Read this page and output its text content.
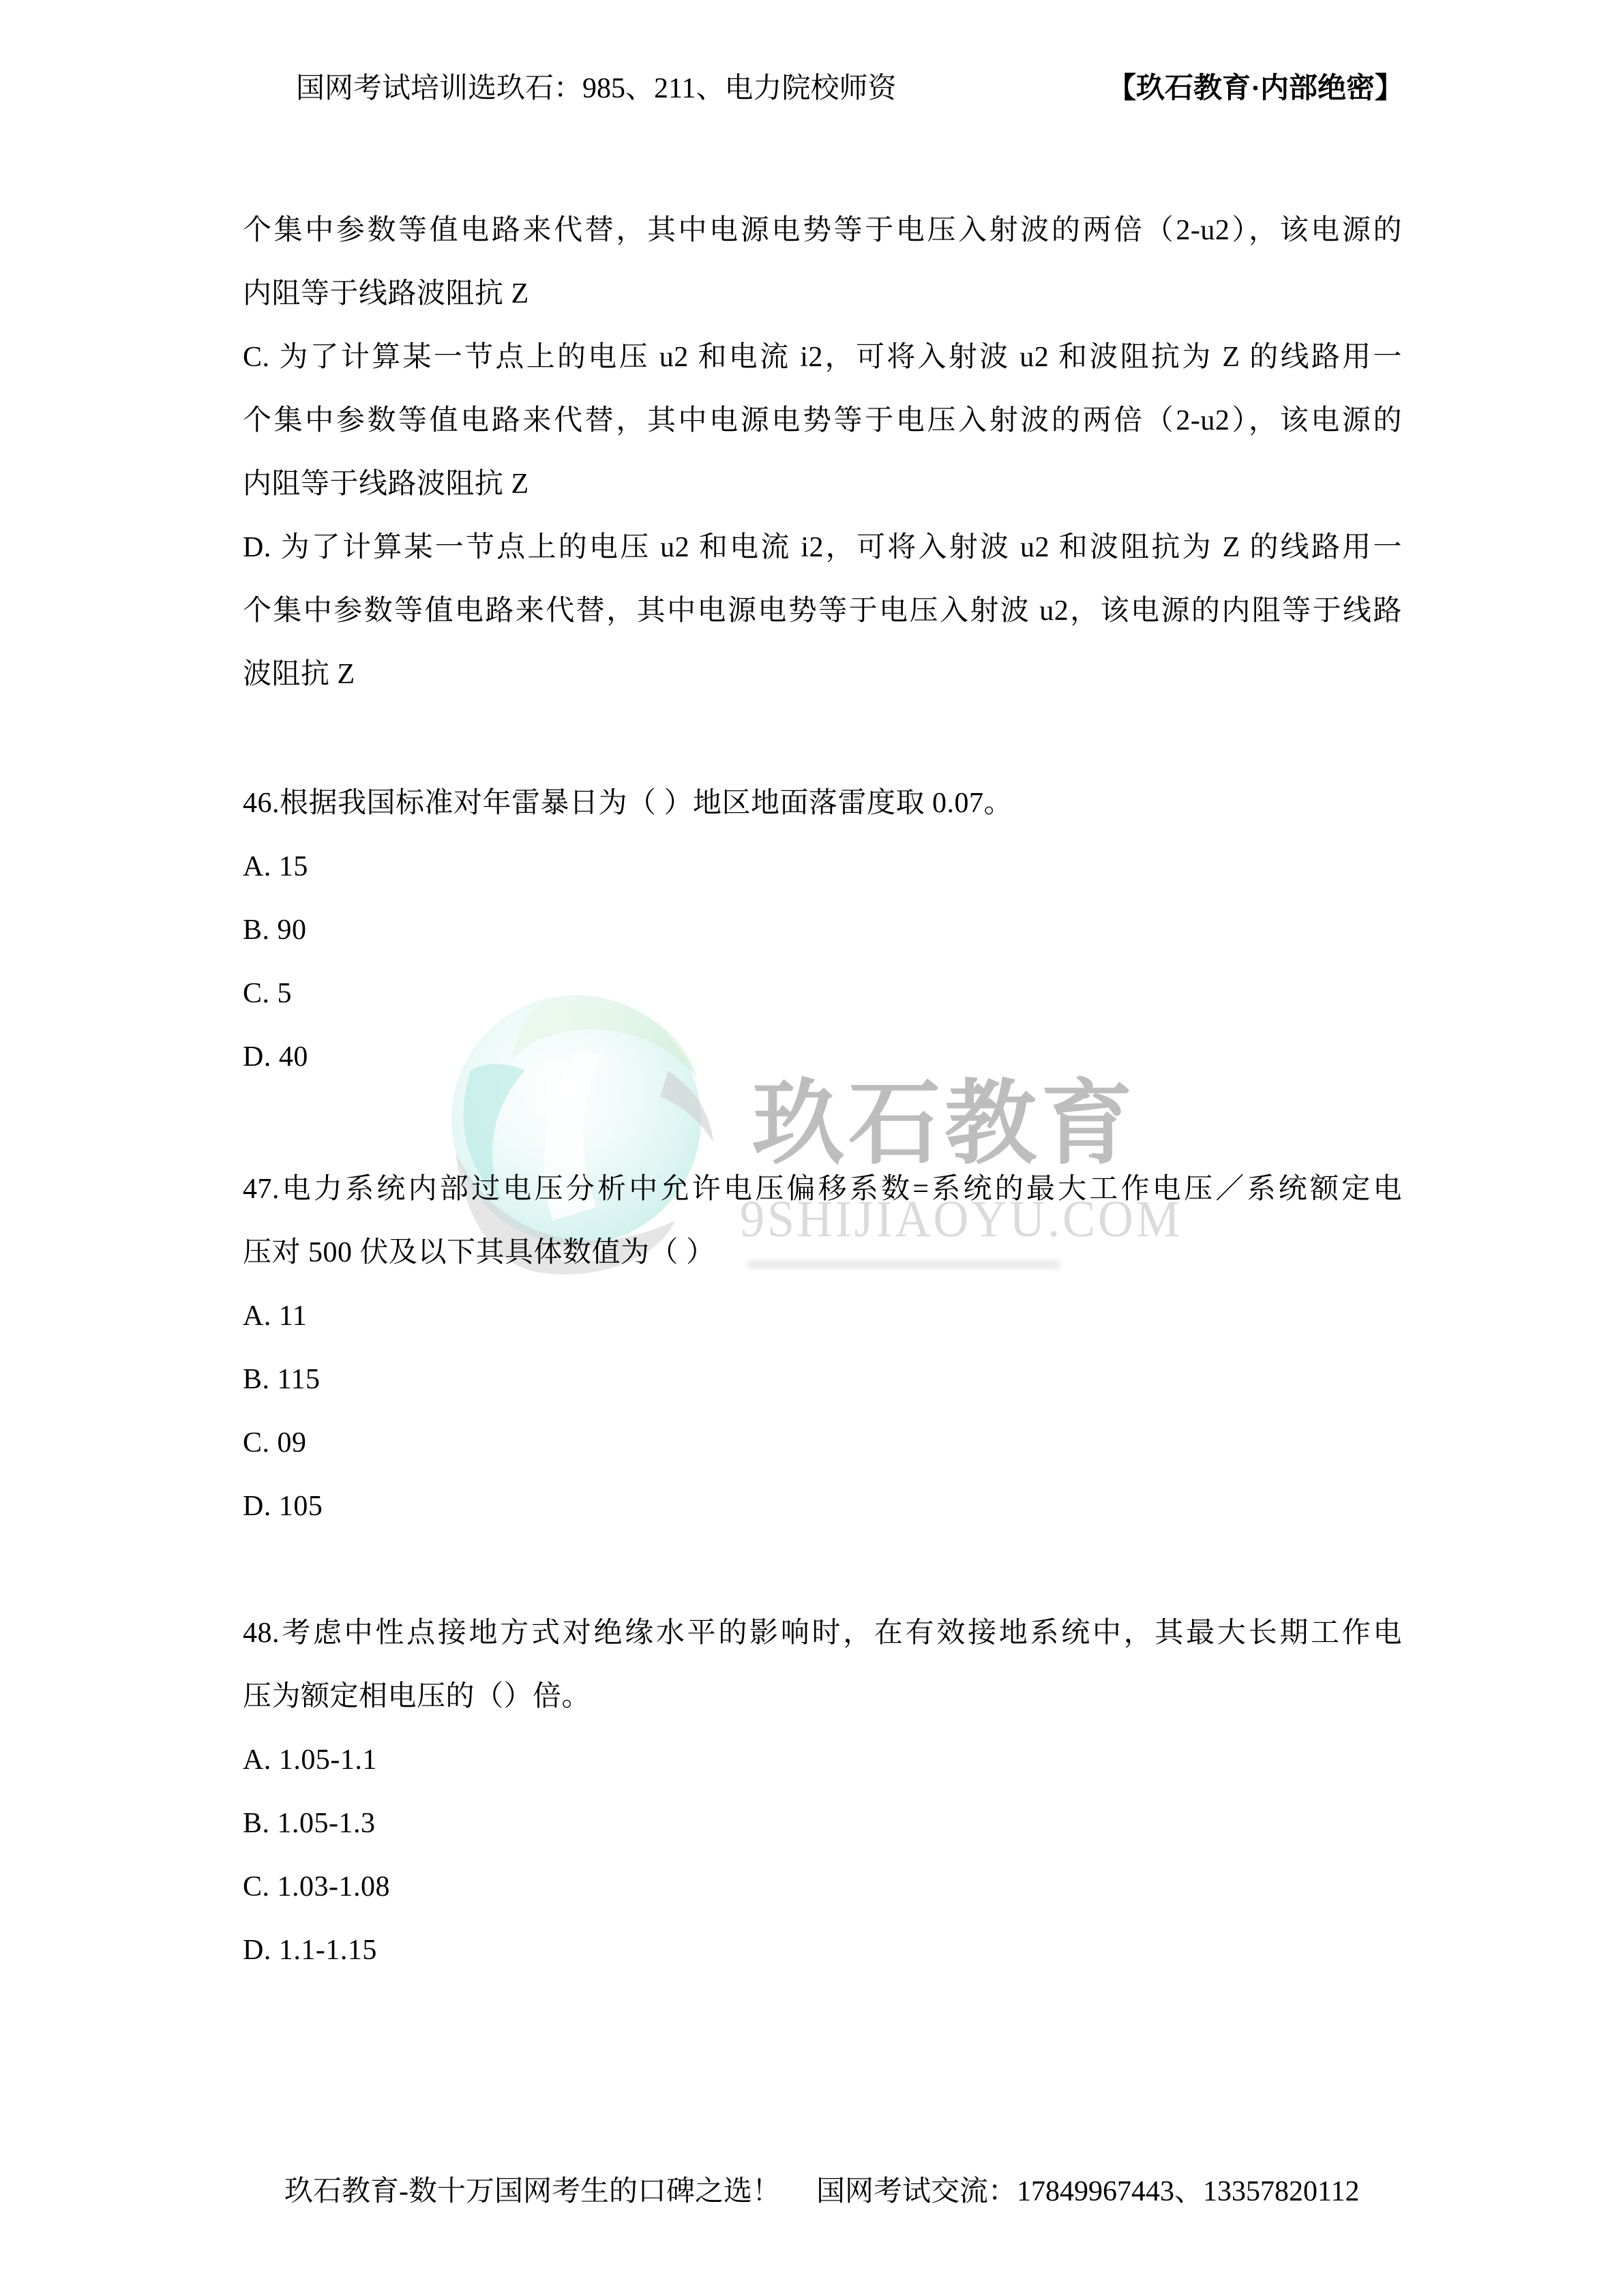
玖石教育
9SHIJIAOYU.COM
国网考试培训选玖石：985、211、电力院校师资	【玖石教育·内部绝密】
个集中参数等值电路来代替，其中电源电势等于电压入射波的两倍（2-u2），该电源的
内阻等于线路波阻抗 Z
C. 为了计算某一节点上的电压 u2 和电流 i2，可将入射波 u2 和波阻抗为 Z 的线路用一
个集中参数等值电路来代替，其中电源电势等于电压入射波的两倍（2-u2），该电源的
内阻等于线路波阻抗 Z
D. 为了计算某一节点上的电压 u2 和电流 i2，可将入射波 u2 和波阻抗为 Z 的线路用一
个集中参数等值电路来代替，其中电源电势等于电压入射波 u2，该电源的内阻等于线路
波阻抗 Z
46.根据我国标准对年雷暴日为（ ）地区地面落雷度取 0.07。
A. 15
B. 90
C. 5
D. 40
47.电力系统内部过电压分析中允许电压偏移系数=系统的最大工作电压／系统额定电
压对 500 伏及以下其具体数值为（ ）
A. 11
B. 115
C. 09
D. 105
48.考虑中性点接地方式对绝缘水平的影响时，在有效接地系统中，其最大长期工作电
压为额定相电压的（）倍。
A. 1.05-1.1
B. 1.05-1.3
C. 1.03-1.08
D. 1.1-1.15
玖石教育-数十万国网考生的口碑之选！ 国网考试交流：17849967443、13357820112
